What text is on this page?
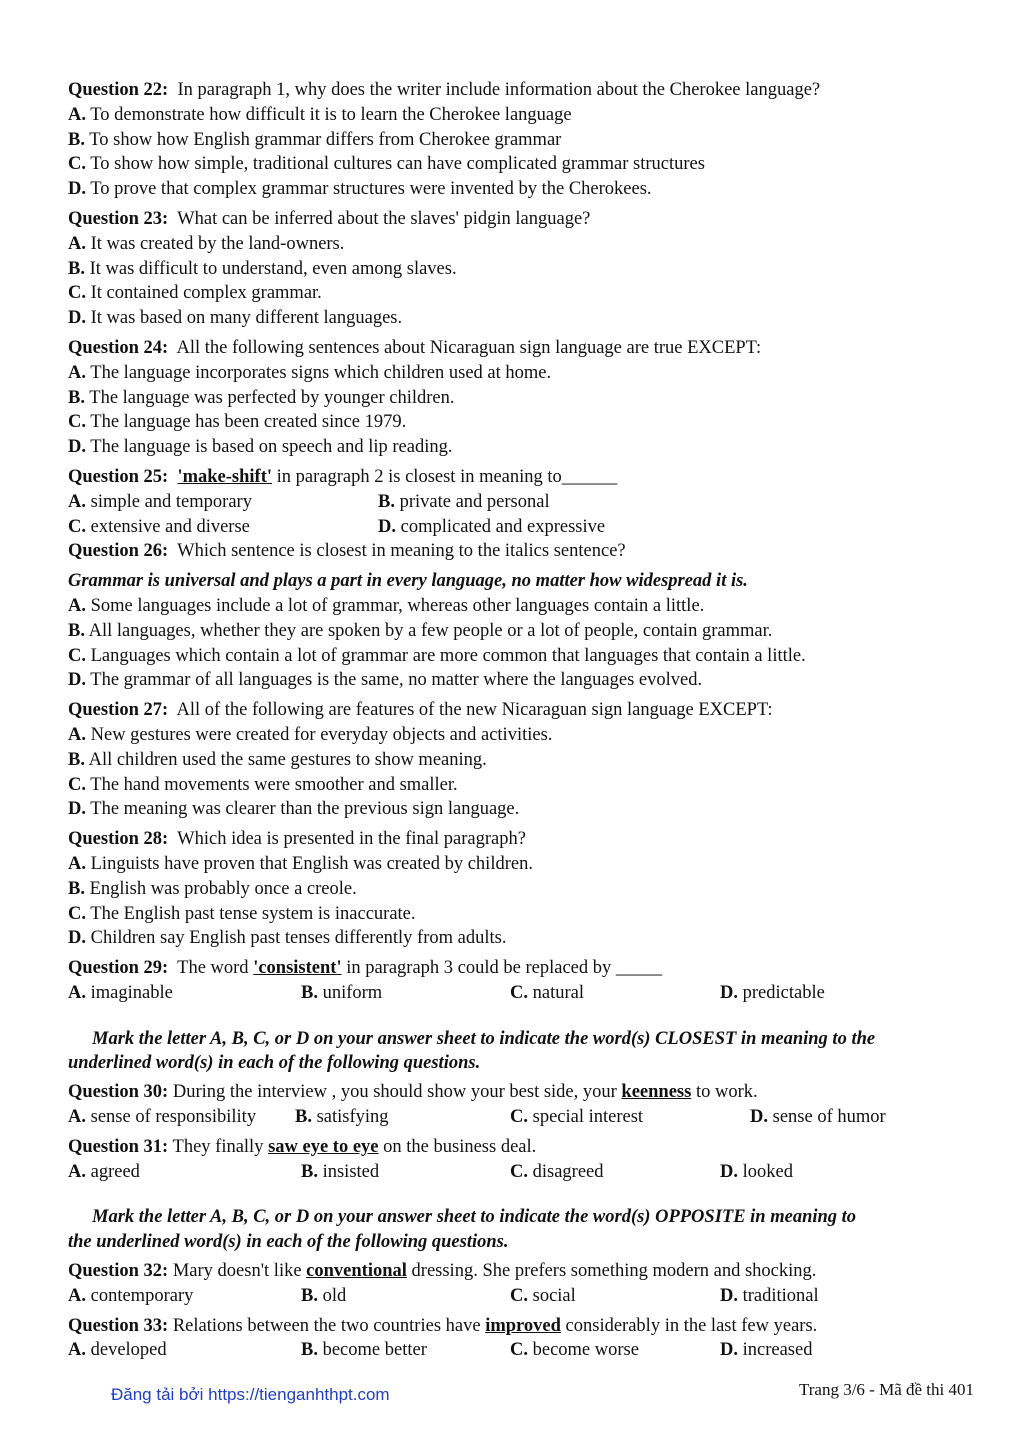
Question 22: In paragraph 1, why does the writer include information about the Cherokee language?
A. To demonstrate how difficult it is to learn the Cherokee language
B. To show how English grammar differs from Cherokee grammar
C. To show how simple, traditional cultures can have complicated grammar structures
D. To prove that complex grammar structures were invented by the Cherokees.
Question 23: What can be inferred about the slaves' pidgin language?
A. It was created by the land-owners.
B. It was difficult to understand, even among slaves.
C. It contained complex grammar.
D. It was based on many different languages.
Question 24: All the following sentences about Nicaraguan sign language are true EXCEPT:
A. The language incorporates signs which children used at home.
B. The language was perfected by younger children.
C. The language has been created since 1979.
D. The language is based on speech and lip reading.
Question 25: 'make-shift' in paragraph 2 is closest in meaning to______
A. simple and temporary	B. private and personal
C. extensive and diverse	D. complicated and expressive
Question 26: Which sentence is closest in meaning to the italics sentence?
Grammar is universal and plays a part in every language, no matter how widespread it is.
A. Some languages include a lot of grammar, whereas other languages contain a little.
B. All languages, whether they are spoken by a few people or a lot of people, contain grammar.
C. Languages which contain a lot of grammar are more common that languages that contain a little.
D. The grammar of all languages is the same, no matter where the languages evolved.
Question 27: All of the following are features of the new Nicaraguan sign language EXCEPT:
A. New gestures were created for everyday objects and activities.
B. All children used the same gestures to show meaning.
C. The hand movements were smoother and smaller.
D. The meaning was clearer than the previous sign language.
Question 28: Which idea is presented in the final paragraph?
A. Linguists have proven that English was created by children.
B. English was probably once a creole.
C. The English past tense system is inaccurate.
D. Children say English past tenses differently from adults.
Question 29: The word 'consistent' in paragraph 3 could be replaced by _____
A. imaginable	B. uniform	C. natural	D. predictable
Mark the letter A, B, C, or D on your answer sheet to indicate the word(s) CLOSEST in meaning to the
underlined word(s) in each of the following questions.
Question 30: During the interview , you should show your best side, your keenness to work.
A. sense of responsibility	B. satisfying	C. special interest	D. sense of humor
Question 31: They finally saw eye to eye on the business deal.
A. agreed	B. insisted	C. disagreed	D. looked
Mark the letter A, B, C, or D on your answer sheet to indicate the word(s) OPPOSITE in meaning to
the underlined word(s) in each of the following questions.
Question 32: Mary doesn't like conventional dressing. She prefers something modern and shocking.
A. contemporary	B. old	C. social	D. traditional
Question 33: Relations between the two countries have improved considerably in the last few years.
A. developed	B. become better	C. become worse	D. increased
Đăng tải bởi https://tienganhthpt.com	Trang 3/6 - Mã đề thi 401
